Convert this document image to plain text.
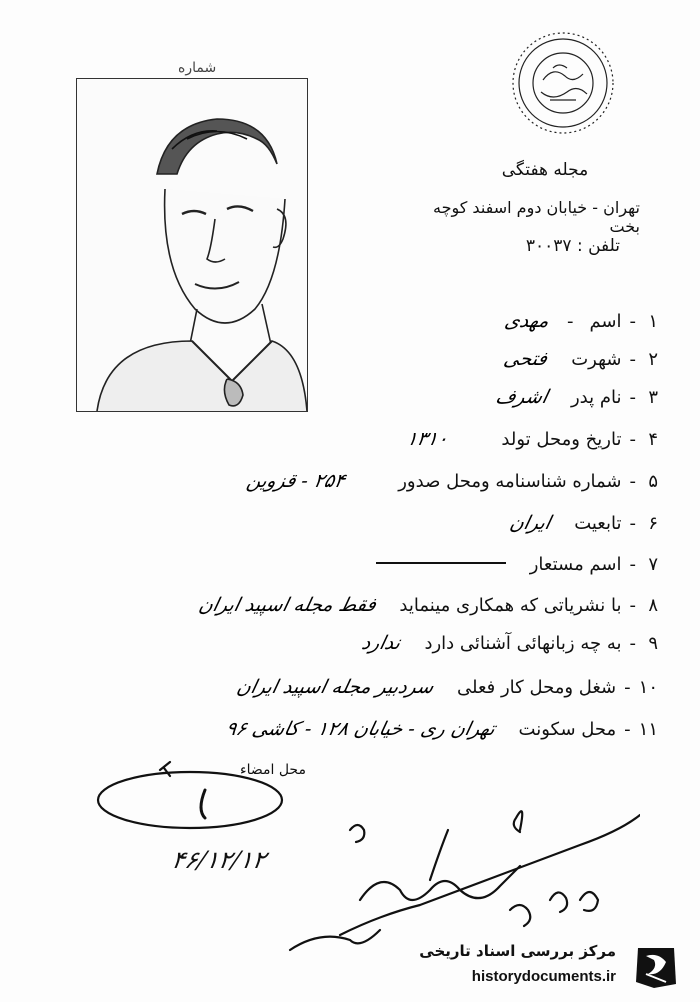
مجله هفتگی
تهران - خیابان دوم اسفند کوچه بخت
تلفن : ۳۰۰۳۷
شماره
۱
-
اسم
-
مهدی
۲
-
شهرت
فتحی
۳
-
نام پدر
اشرف
۴
-
تاریخ ومحل تولد
۱۳۱۰
۵
-
شماره شناسنامه ومحل صدور
۲۵۴ - قزوین
۶
-
تابعیت
ایران
۷
-
اسم مستعار
۸
-
با نشریاتی که همکاری مینماید
فقط مجله اسپید ایران
۹
-
به چه زبانهائی آشنائی دارد
ندارد
۱۰
-
شغل ومحل کار فعلی
سردبیر مجله اسپید ایران
۱۱
-
محل سکونت
تهران ری - خیابان ۱۲۸ - کاشی ۹۶
محل امضاء
۴۶/۱۲/۱۲
مرکز بررسی اسناد تاریخی
historydocuments.ir
